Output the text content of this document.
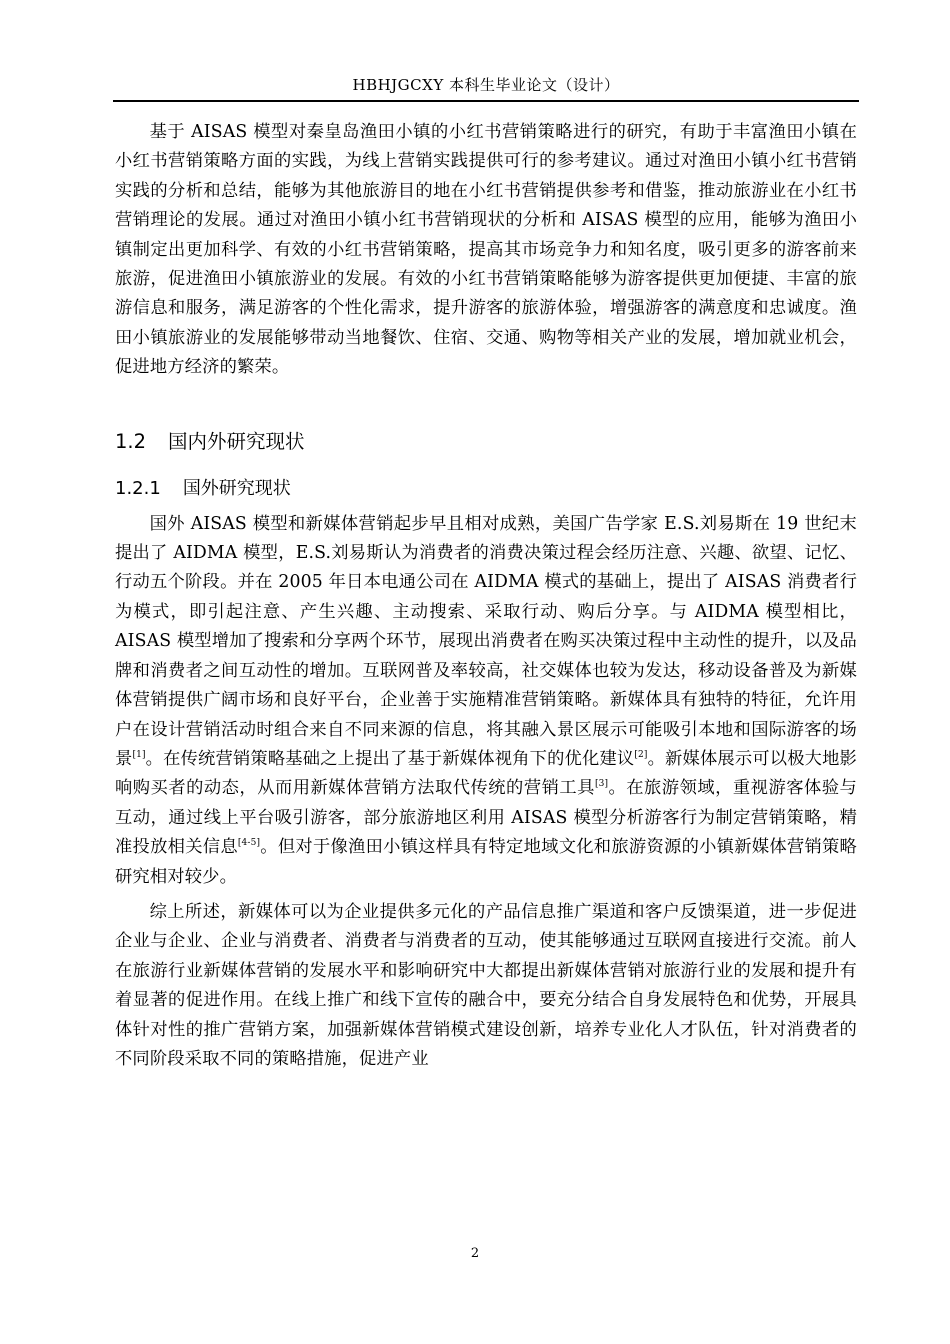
HBHJGCXY 本科生毕业论文（设计）

基于 AISAS 模型对秦皇岛渔田小镇的小红书营销策略进行的研究，有助于丰富渔田小镇在小红书营销策略方面的实践，为线上营销实践提供可行的参考建议。通过对渔田小镇小红书营销实践的分析和总结，能够为其他旅游目的地在小红书营销提供参考和借鉴，推动旅游业在小红书营销理论的发展。通过对渔田小镇小红书营销现状的分析和 AISAS 模型的应用，能够为渔田小镇制定出更加科学、有效的小红书营销策略，提高其市场竞争力和知名度，吸引更多的游客前来旅游，促进渔田小镇旅游业的发展。有效的小红书营销策略能够为游客提供更加便捷、丰富的旅游信息和服务，满足游客的个性化需求，提升游客的旅游体验，增强游客的满意度和忠诚度。渔田小镇旅游业的发展能够带动当地餐饮、住宿、交通、购物等相关产业的发展，增加就业机会，促进地方经济的繁荣。

1.2 国内外研究现状
1.2.1 国外研究现状

国外 AISAS 模型和新媒体营销起步早且相对成熟，美国广告学家 E.S.刘易斯在 19 世纪末提出了 AIDMA 模型，E.S.刘易斯认为消费者的消费决策过程会经历注意、兴趣、欲望、记忆、行动五个阶段。并在 2005 年日本电通公司在 AIDMA 模式的基础上，提出了 AISAS 消费者行为模式，即引起注意、产生兴趣、主动搜索、采取行动、购后分享。与 AIDMA 模型相比，AISAS 模型增加了搜索和分享两个环节，展现出消费者在购买决策过程中主动性的提升，以及品牌和消费者之间互动性的增加。互联网普及率较高，社交媒体也较为发达，移动设备普及为新媒体营销提供广阔市场和良好平台，企业善于实施精准营销策略。新媒体具有独特的特征，允许用户在设计营销活动时组合来自不同来源的信息，将其融入景区展示可能吸引本地和国际游客的场景[1]。在传统营销策略基础之上提出了基于新媒体视角下的优化建议[2]。新媒体展示可以极大地影响购买者的动态，从而用新媒体营销方法取代传统的营销工具[3]。在旅游领域，重视游客体验与互动，通过线上平台吸引游客，部分旅游地区利用 AISAS 模型分析游客行为制定营销策略，精准投放相关信息[4-5]。但对于像渔田小镇这样具有特定地域文化和旅游资源的小镇新媒体营销策略研究相对较少。

综上所述，新媒体可以为企业提供多元化的产品信息推广渠道和客户反馈渠道，进一步促进企业与企业、企业与消费者、消费者与消费者的互动，使其能够通过互联网直接进行交流。前人在旅游行业新媒体营销的发展水平和影响研究中大都提出新媒体营销对旅游行业的发展和提升有着显著的促进作用。在线上推广和线下宣传的融合中，要充分结合自身发展特色和优势，开展具体针对性的推广营销方案，加强新媒体营销模式建设创新，培养专业化人才队伍，针对消费者的不同阶段采取不同的策略措施，促进产业

2
